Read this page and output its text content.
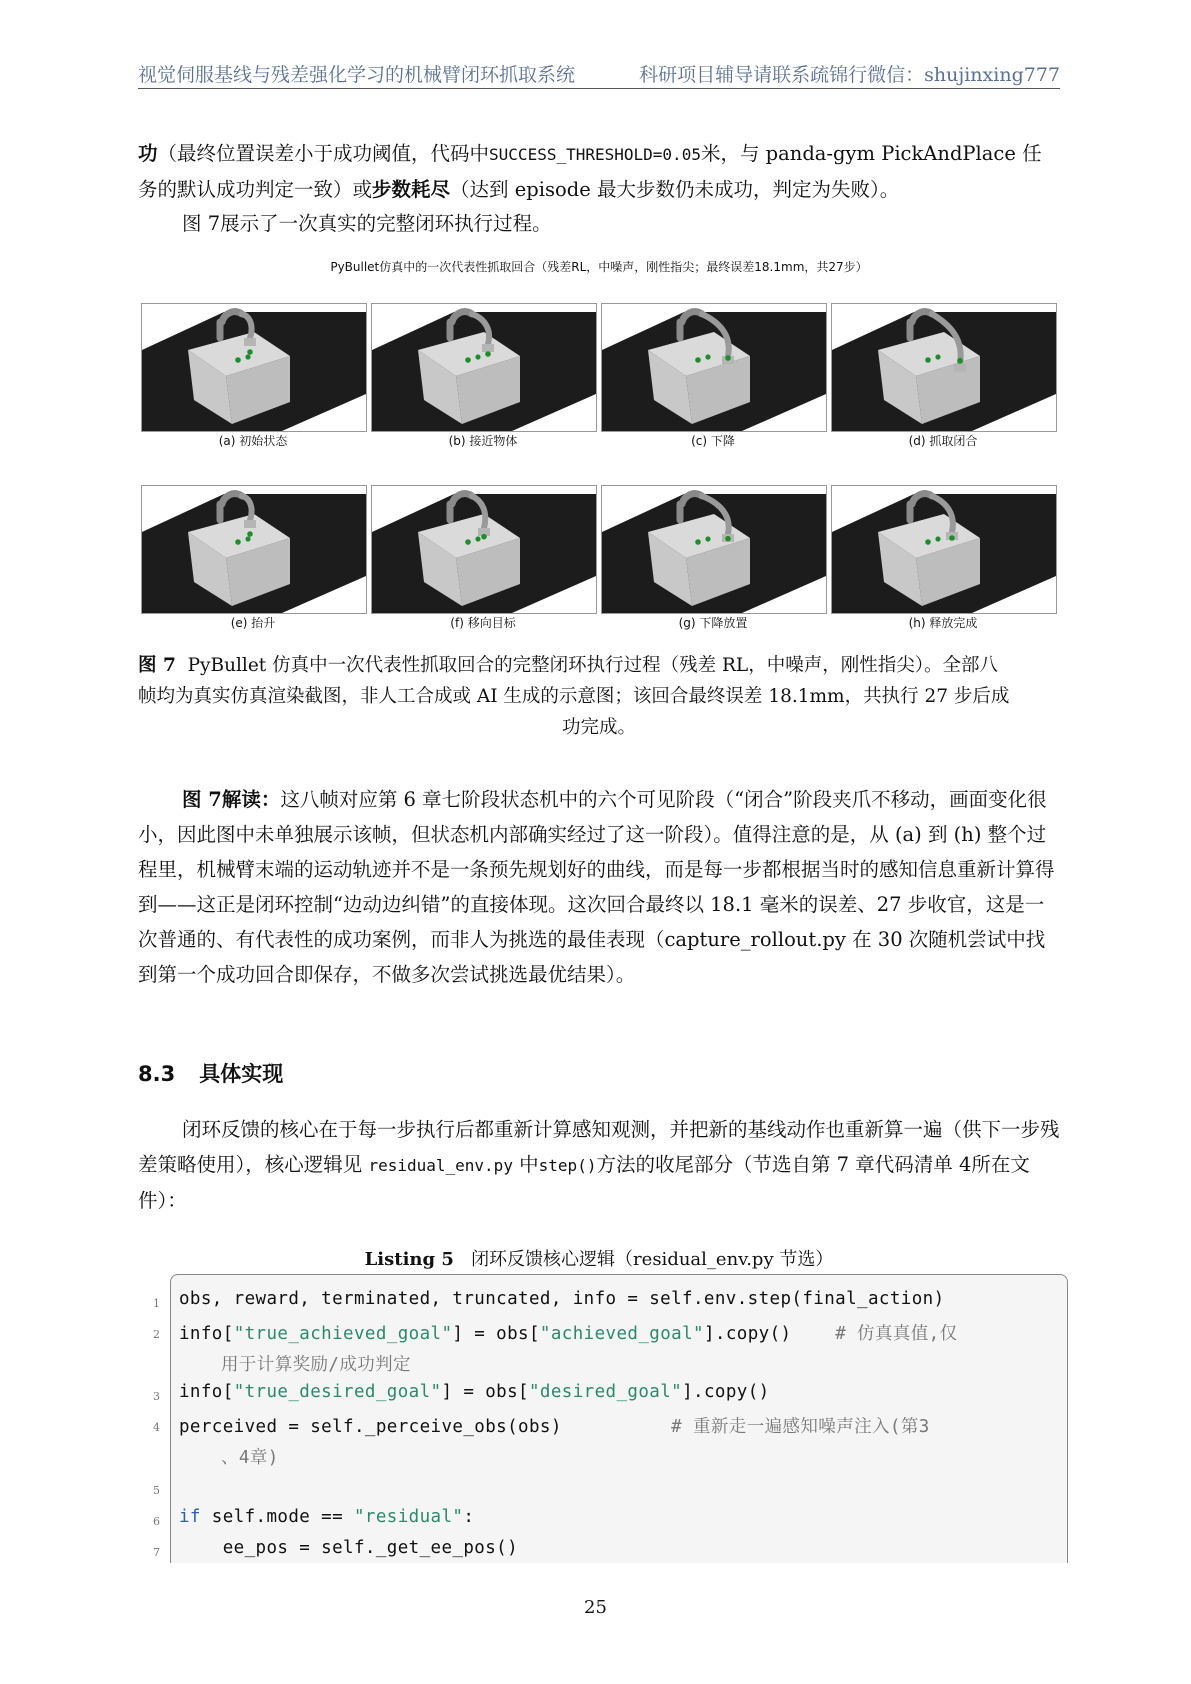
视觉伺服基线与残差强化学习的机械臂闭环抓取系统	科研项目辅导请联系疏锦行微信：shujinxing777

功（最终位置误差小于成功阈值，代码中SUCCESS_THRESHOLD=0.05米，与 panda-gym PickAndPlace 任务的默认成功判定一致）或步数耗尽（达到 episode 最大步数仍未成功，判定为失败）。

图 7展示了一次真实的完整闭环执行过程。

PyBullet仿真中的一次代表性抓取回合（残差RL，中噪声，刚性指尖；最终误差18.1mm，共27步）
(a) 初始状态	(b) 接近物体	(c) 下降	(d) 抓取闭合
(e) 抬升	(f) 移向目标	(g) 下降放置	(h) 释放完成
图 7 PyBullet 仿真中一次代表性抓取回合的完整闭环执行过程（残差 RL，中噪声，刚性指尖）。全部八
帧均为真实仿真渲染截图，非人工合成或 AI 生成的示意图；该回合最终误差 18.1mm，共执行 27 步后成
功完成。

图 7解读：这八帧对应第 6 章七阶段状态机中的六个可见阶段（“闭合”阶段夹爪不移动，画面变化很小，因此图中未单独展示该帧，但状态机内部确实经过了这一阶段）。值得注意的是，从 (a) 到 (h) 整个过程里，机械臂末端的运动轨迹并不是一条预先规划好的曲线，而是每一步都根据当时的感知信息重新计算得到——这正是闭环控制“边动边纠错”的直接体现。这次回合最终以 18.1 毫米的误差、27 步收官，这是一次普通的、有代表性的成功案例，而非人为挑选的最佳表现（capture_rollout.py 在 30 次随机尝试中找到第一个成功回合即保存，不做多次尝试挑选最优结果）。

8.3 具体实现

闭环反馈的核心在于每一步执行后都重新计算感知观测，并把新的基线动作也重新算一遍（供下一步残差策略使用），核心逻辑见 residual_env.py 中step()方法的收尾部分（节选自第 7 章代码清单 4所在文件）：

Listing 5 闭环反馈核心逻辑（residual_env.py 节选）
1
2
3
4
5
6
7
obs, reward, terminated, truncated, info = self.env.step(final_action)
info["true_achieved_goal"] = obs["achieved_goal"].copy()    # 仿真真值,仅
用于计算奖励/成功判定
info["true_desired_goal"] = obs["desired_goal"].copy()
perceived = self._perceive_obs(obs)          # 重新走一遍感知噪声注入(第3
、4章)
if self.mode == "residual":
ee_pos = self._get_ee_pos()
25
